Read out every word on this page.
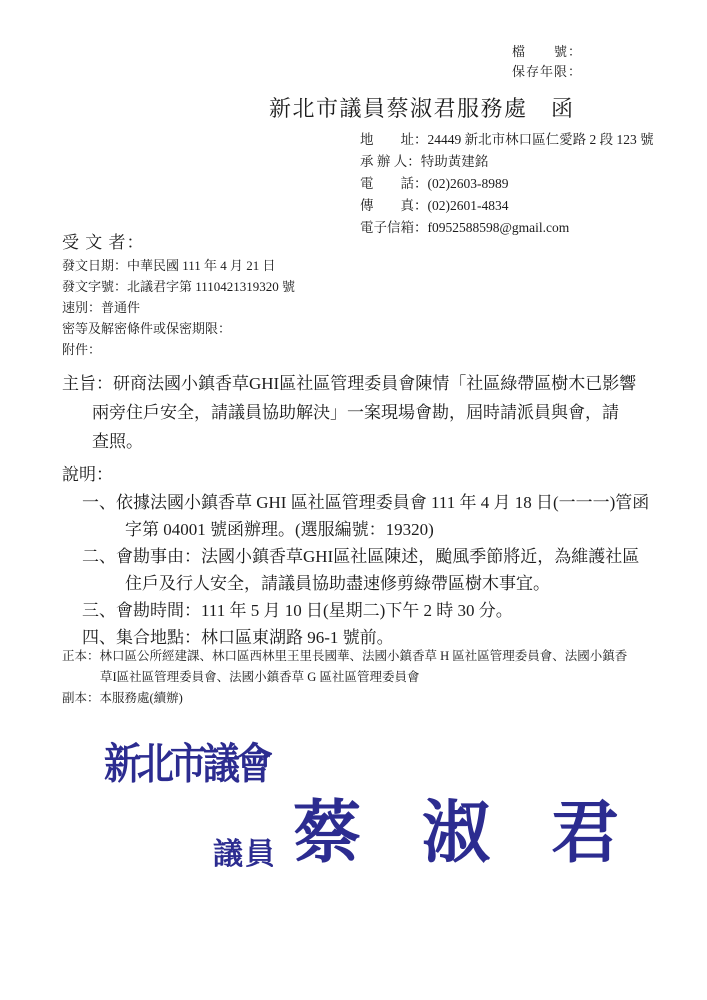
檔　　號：
保存年限：
新北市議員蔡淑君服務處　函
地　　址：24449 新北市林口區仁愛路 2 段 123 號
承 辦 人：特助黃建銘
電　　話：(02)2603-8989
傳　　真：(02)2601-4834
電子信箱：f0952588598@gmail.com
受 文 者：
發文日期：中華民國 111 年 4 月 21 日
發文字號：北議君字第 1110421319320 號
速別：普通件
密等及解密條件或保密期限：
附件：
主旨：研商法國小鎮香草GHI區社區管理委員會陳情「社區綠帶區樹木已影響
兩旁住戶安全，請議員協助解決」一案現場會勘，屆時請派員與會，請
查照。
說明：
一、依據法國小鎮香草 GHI 區社區管理委員會 111 年 4 月 18 日(一一一)管函
字第 04001 號函辦理。(選服編號：19320)
二、會勘事由：法國小鎮香草GHI區社區陳述，颱風季節將近，為維護社區
住戶及行人安全，請議員協助盡速修剪綠帶區樹木事宜。
三、會勘時間：111 年 5 月 10 日(星期二)下午 2 時 30 分。
四、集合地點：林口區東湖路 96-1 號前。
正本：林口區公所經建課、林口區西林里王里長國華、法國小鎮香草 H 區社區管理委員會、法國小鎮香
草I區社區管理委員會、法國小鎮香草 G 區社區管理委員會
副本：本服務處(續辦)
新北市議會
議員 蔡 淑 君
